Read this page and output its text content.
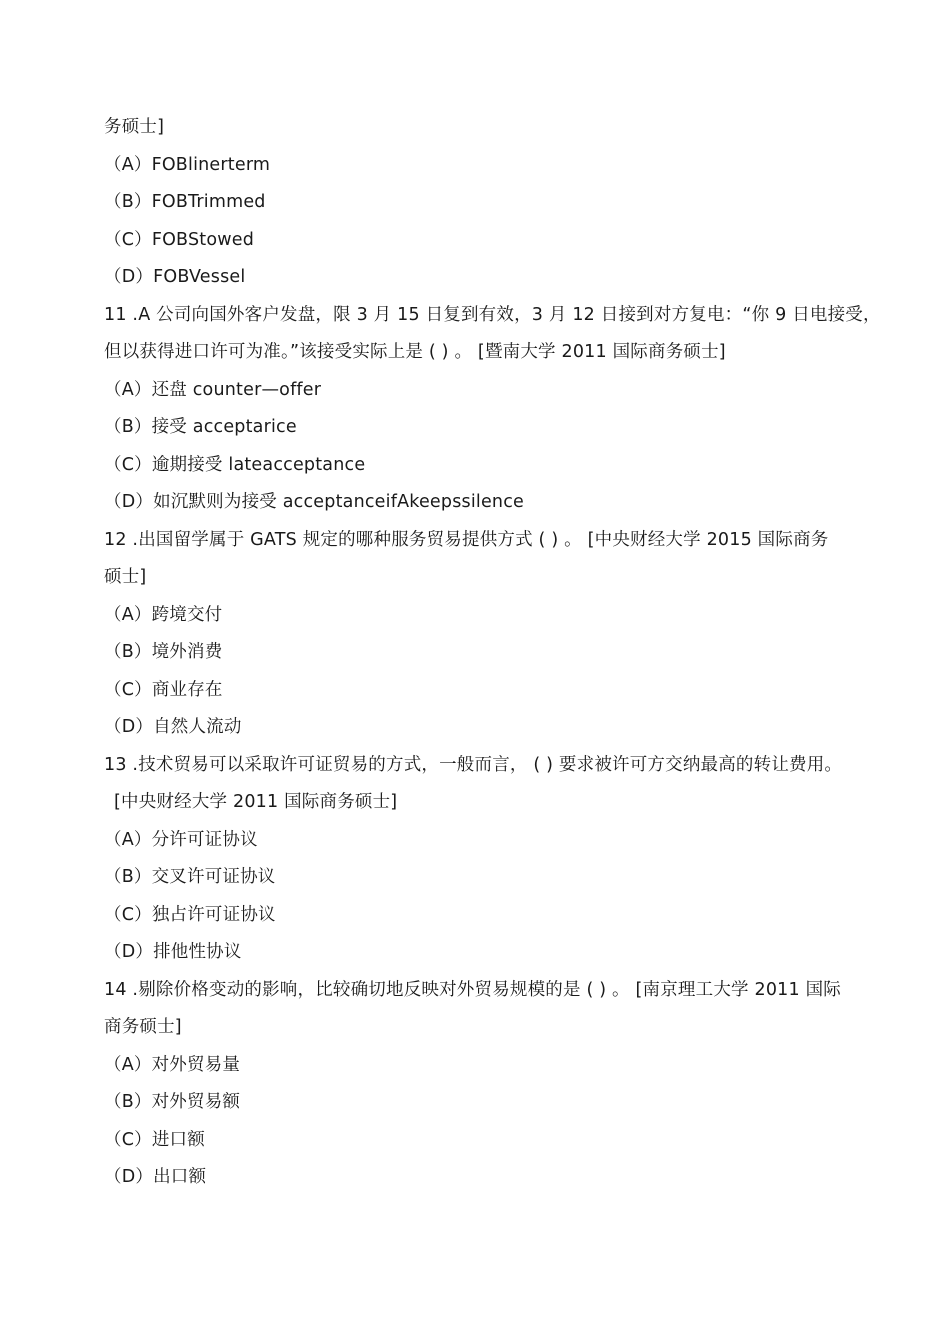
务硕士]
（A）FOBlinerterm
（B）FOBTrimmed
（C）FOBStowed
（D）FOBVessel
11 .A 公司向国外客户发盘，限 3 月 15 日复到有效，3 月 12 日接到对方复电：“你 9 日电接受，
但以获得进口许可为准。”该接受实际上是 ( ) 。 [暨南大学 2011 国际商务硕士]
（A）还盘 counter—offer
（B）接受 acceptarice
（C）逾期接受 lateacceptance
（D）如沉默则为接受 acceptanceifAkeepssilence
12 .出国留学属于 GATS 规定的哪种服务贸易提供方式 ( ) 。 [中央财经大学 2015 国际商务
硕士]
（A）跨境交付
（B）境外消费
（C）商业存在
（D）自然人流动
13 .技术贸易可以采取许可证贸易的方式，一般而言， ( ) 要求被许可方交纳最高的转让费用。
[中央财经大学 2011 国际商务硕士]
（A）分许可证协议
（B）交叉许可证协议
（C）独占许可证协议
（D）排他性协议
14 .剔除价格变动的影响，比较确切地反映对外贸易规模的是 ( ) 。 [南京理工大学 2011 国际
商务硕士]
（A）对外贸易量
（B）对外贸易额
（C）进口额
（D）出口额
